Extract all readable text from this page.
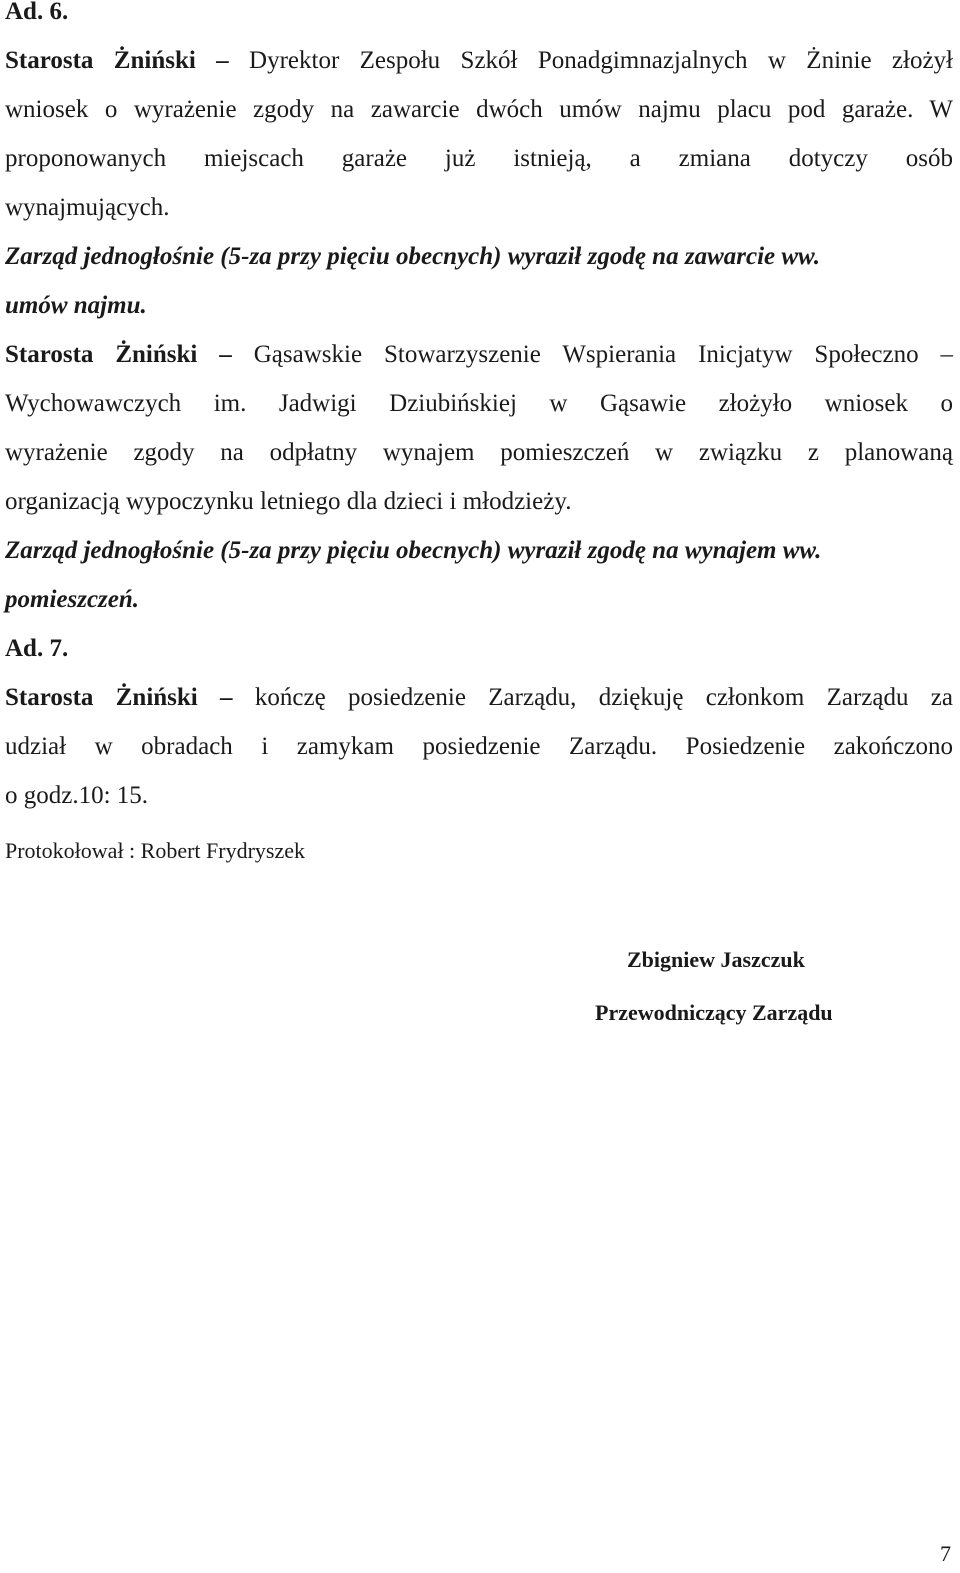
Ad. 6.
Starosta Żniński – Dyrektor Zespołu Szkół Ponadgimnazjalnych w Żninie złożył
wniosek o wyrażenie zgody na zawarcie dwóch umów najmu placu pod garaże. W
proponowanych miejscach garaże już istnieją, a zmiana dotyczy osób
wynajmujących.
Zarząd jednogłośnie (5-za przy pięciu obecnych) wyraził zgodę na zawarcie ww.
umów najmu.
Starosta Żniński – Gąsawskie Stowarzyszenie Wspierania Inicjatyw Społeczno –
Wychowawczych im. Jadwigi Dziubińskiej w Gąsawie złożyło wniosek o
wyrażenie zgody na odpłatny wynajem pomieszczeń w związku z planowaną
organizacją wypoczynku letniego dla dzieci i młodzieży.
Zarząd jednogłośnie (5-za przy pięciu obecnych) wyraził zgodę na wynajem ww.
pomieszczeń.
Ad. 7.
Starosta Żniński – kończę posiedzenie Zarządu, dziękuję członkom Zarządu za
udział w obradach i zamykam posiedzenie Zarządu. Posiedzenie zakończono
o godz.10: 15.
Protokołował : Robert Frydryszek
Zbigniew Jaszczuk
Przewodniczący Zarządu
7
